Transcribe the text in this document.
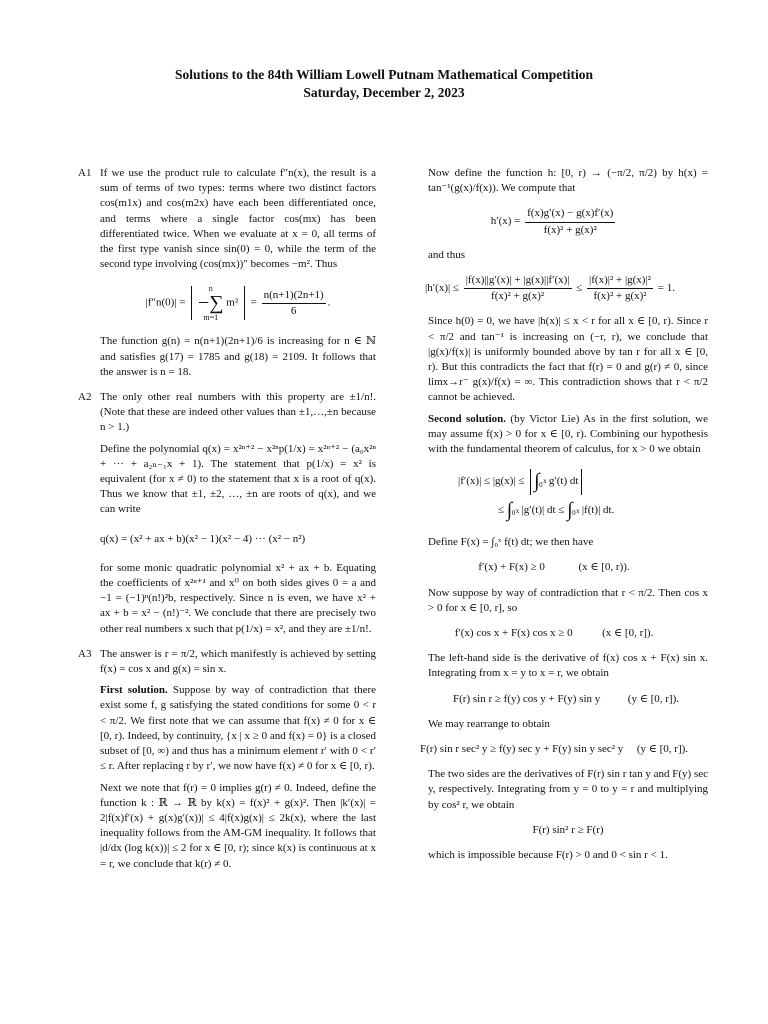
Solutions to the 84th William Lowell Putnam Mathematical Competition
Saturday, December 2, 2023
A1 If we use the product rule to calculate f″n(x), the result is a sum of terms of two types: terms where two distinct factors cos(m1x) and cos(m2x) have each been differentiated once, and terms where a single factor cos(mx) has been differentiated twice. When we evaluate at x = 0, all terms of the first type vanish since sin(0) = 0, while the term of the second type involving (cos(mx))″ becomes −m². Thus

|f″n(0)| =
n
−∑
m=1
$m^2 = \frac{n(n+1)(2n+1)}{6}$ .

The function g(n) = n(n+1)(2n+1)/6 is increasing for n ∈ ℕ and satisfies g(17) = 1785 and g(18) = 2109. It follows that the answer is n = 18.

A2 The only other real numbers with this property are ±1/n!. (Note that these are indeed other values than ±1,…,±n because n > 1.)

Define the polynomial q(x) = x²ⁿ⁺² − x²ⁿp(1/x) = x²ⁿ⁺² − (a₀x²ⁿ + ··· + a₂ₙ₋₁x + 1). The statement that p(1/x) = x² is equivalent (for x ≠ 0) to the statement that x is a root of q(x). Thus we know that ±1, ±2, …, ±n are roots of q(x), and we can write

q(x) = (x² + ax + b)(x² − 1)(x² − 4) ··· (x² − n²)

for some monic quadratic polynomial x² + ax + b. Equating the coefficients of x²ⁿ⁺¹ and x⁰ on both sides gives 0 = a and −1 = (−1)ⁿ(n!)²b, respectively. Since n is even, we have x² + ax + b = x² − (n!)⁻². We conclude that there are precisely two other real numbers x such that p(1/x) = x², and they are ±1/n!.

A3 The answer is r = π/2, which manifestly is achieved by setting f(x) = cos x and g(x) = sin x.

First solution. Suppose by way of contradiction that there exist some f, g satisfying the stated conditions for some 0 < r < π/2. We first note that we can assume that f(x) ≠ 0 for x ∈ [0, r). Indeed, by continuity, {x | x ≥ 0 and f(x) = 0} is a closed subset of [0, ∞) and thus has a minimum element r′ with 0 < r′ ≤ r. After replacing r by r′, we now have f(x) ≠ 0 for x ∈ [0, r).

Next we note that f(r) = 0 implies g(r) ≠ 0. Indeed, define the function k : ℝ → ℝ by k(x) = f(x)² + g(x)². Then |k′(x)| = 2|f(x)f′(x) + g(x)g′(x))| ≤ 4|f(x)g(x)| ≤ 2k(x), where the last inequality follows from the AM-GM inequality. It follows that |d/dx (log k(x))| ≤ 2 for x ∈ [0, r); since k(x) is continuous at x = r, we conclude that k(r) ≠ 0.

Now define the function h: [0, r) → (−π/2, π/2) by h(x) = tan⁻¹(g(x)/f(x)). We compute that

$h'(x) = \frac{f(x)g'(x) - g(x)f'(x)}{\text{f(x)² + g(x)²}}$

and thus

$|h'(x)| \le \frac{|f(x)||g'(x)| + |g(x)||f'(x)|}{\text{f(x)² + g(x)²}} \le \frac{\text{|f(x)|² + |g(x)|²}}{\text{f(x)² + g(x)²}} = 1$.

Since h(0) = 0, we have |h(x)| ≤ x < r for all x ∈ [0, r). Since r < π/2 and tan⁻¹ is increasing on (−r, r), we conclude that |g(x)/f(x)| is uniformly bounded above by tan r for all x ∈ [0, r). But this contradicts the fact that f(r) = 0 and g(r) ≠ 0, since limx→r⁻ g(x)/f(x) = ∞. This contradiction shows that r < π/2 cannot be achieved.

Second solution. (by Victor Lie) As in the first solution, we may assume f(x) > 0 for x ∈ [0, r). Combining our hypothesis with the fundamental theorem of calculus, for x > 0 we obtain

|f′(x)| ≤ |g(x)| ≤ ∫ x
0 g′(t) dt
≤ ∫ x
0 |g′(t)| dt ≤ ∫ x
0 |f(t)| dt.

Define F(x) = ∫₀ˣ f(t) dt; we then have

f′(x) + F(x) ≥ 0	(x ∈ [0, r)).

Now suppose by way of contradiction that r < π/2. Then cos x > 0 for x ∈ [0, r], so

f′(x) cos x + F(x) cos x ≥ 0	(x ∈ [0, r]).

The left-hand side is the derivative of f(x) cos x + F(x) sin x. Integrating from x = y to x = r, we obtain

F(r) sin r ≥ f(y) cos y + F(y) sin y	(y ∈ [0, r]).

We may rearrange to obtain

F(r) sin r sec² y ≥ f(y) sec y + F(y) sin y sec² y (y ∈ [0, r]).

The two sides are the derivatives of F(r) sin r tan y and F(y) sec y, respectively. Integrating from y = 0 to y = r and multiplying by cos² r, we obtain

F(r) sin² r ≥ F(r)

which is impossible because F(r) > 0 and 0 < sin r < 1.
